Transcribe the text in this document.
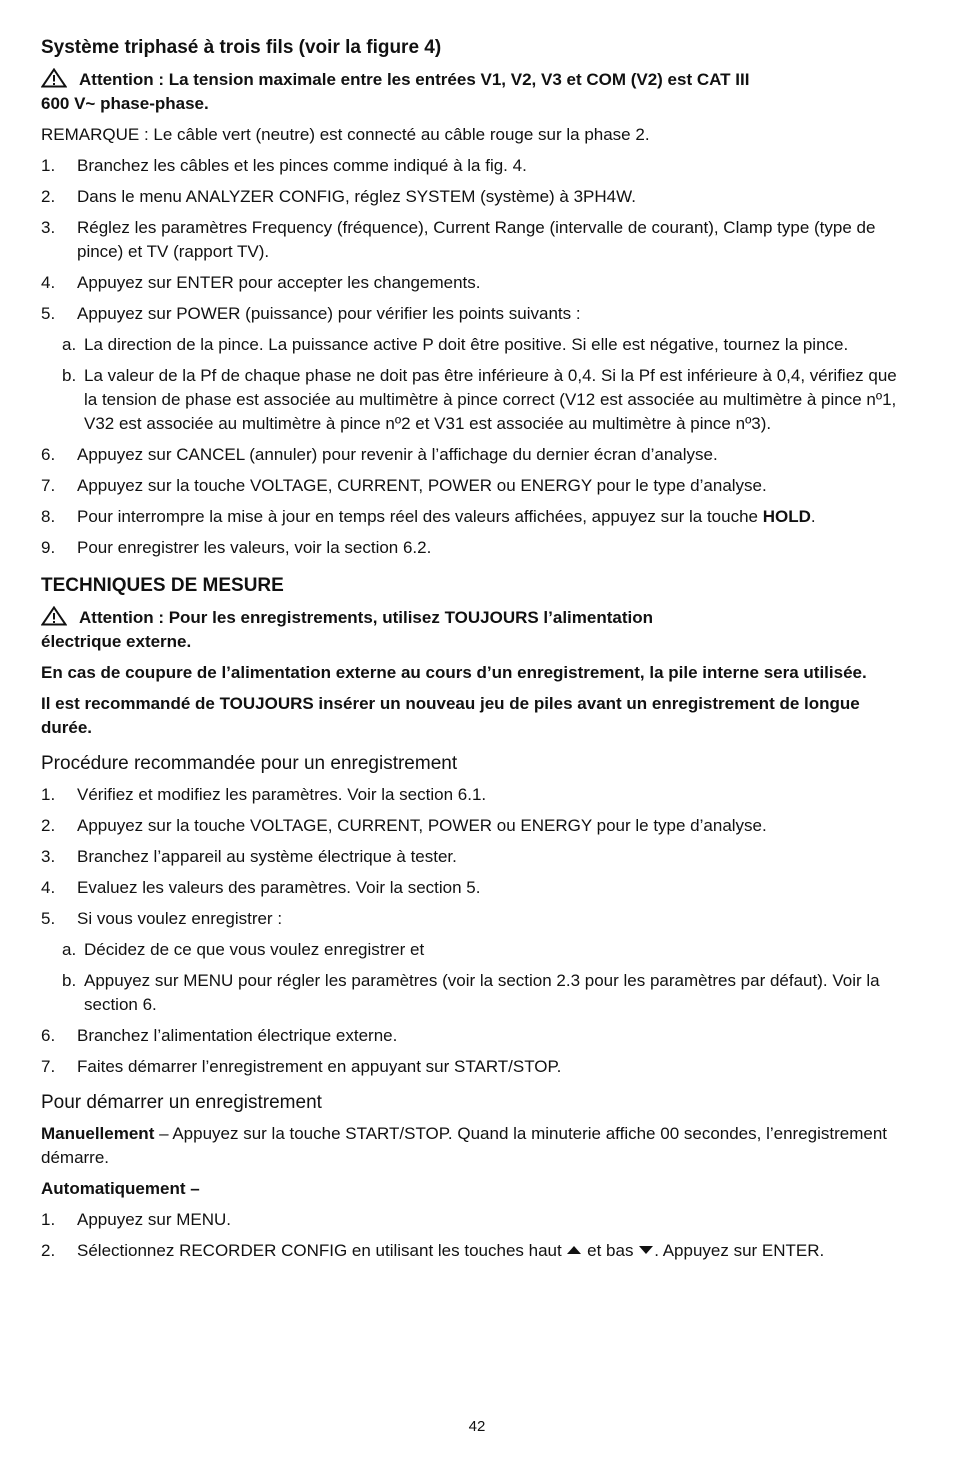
Système triphasé à trois fils (voir la figure 4)
Attention : La tension maximale entre les entrées V1, V2, V3 et COM (V2) est CAT III
600 V~ phase-phase.
REMARQUE : Le câble vert (neutre) est connecté au câble rouge sur la phase 2.
1. Branchez les câbles et les pinces comme indiqué à la fig. 4.
2. Dans le menu ANALYZER CONFIG, réglez SYSTEM (système) à 3PH4W.
3. Réglez les paramètres Frequency (fréquence), Current Range (intervalle de courant), Clamp type (type de pince) et TV (rapport TV).
4. Appuyez sur ENTER pour accepter les changements.
5. Appuyez sur POWER (puissance) pour vérifier les points suivants :
a. La direction de la pince. La puissance active P doit être positive. Si elle est négative, tournez la pince.
b. La valeur de la Pf de chaque phase ne doit pas être inférieure à 0,4. Si la Pf est inférieure à 0,4, vérifiez que la tension de phase est associée au multimètre à pince correct (V12 est associée au multimètre à pince nº1, V32 est associée au multimètre à pince nº2 et V31 est associée au multimètre à pince nº3).
6. Appuyez sur CANCEL (annuler) pour revenir à l’affichage du dernier écran d’analyse.
7. Appuyez sur la touche VOLTAGE, CURRENT, POWER ou ENERGY pour le type d’analyse.
8. Pour interrompre la mise à jour en temps réel des valeurs affichées, appuyez sur la touche HOLD.
9. Pour enregistrer les valeurs, voir la section 6.2.
TECHNIQUES DE MESURE
Attention : Pour les enregistrements, utilisez TOUJOURS l’alimentation
électrique externe.
En cas de coupure de l’alimentation externe au cours d’un enregistrement, la pile interne sera utilisée.
Il est recommandé de TOUJOURS insérer un nouveau jeu de piles avant un enregistrement de longue durée.
Procédure recommandée pour un enregistrement
1. Vérifiez et modifiez les paramètres. Voir la section 6.1.
2. Appuyez sur la touche VOLTAGE, CURRENT, POWER ou ENERGY pour le type d’analyse.
3. Branchez l’appareil au système électrique à tester.
4. Evaluez les valeurs des paramètres. Voir la section 5.
5. Si vous voulez enregistrer :
a. Décidez de ce que vous voulez enregistrer et
b. Appuyez sur MENU pour régler les paramètres (voir la section 2.3 pour les paramètres par défaut). Voir la section 6.
6. Branchez l’alimentation électrique externe.
7. Faites démarrer l’enregistrement en appuyant sur START/STOP.
Pour démarrer un enregistrement
Manuellement – Appuyez sur la touche START/STOP. Quand la minuterie affiche 00 secondes, l’enregistrement démarre.
Automatiquement –
1. Appuyez sur MENU.
2. Sélectionnez RECORDER CONFIG en utilisant les touches haut  et bas . Appuyez sur ENTER.
42
